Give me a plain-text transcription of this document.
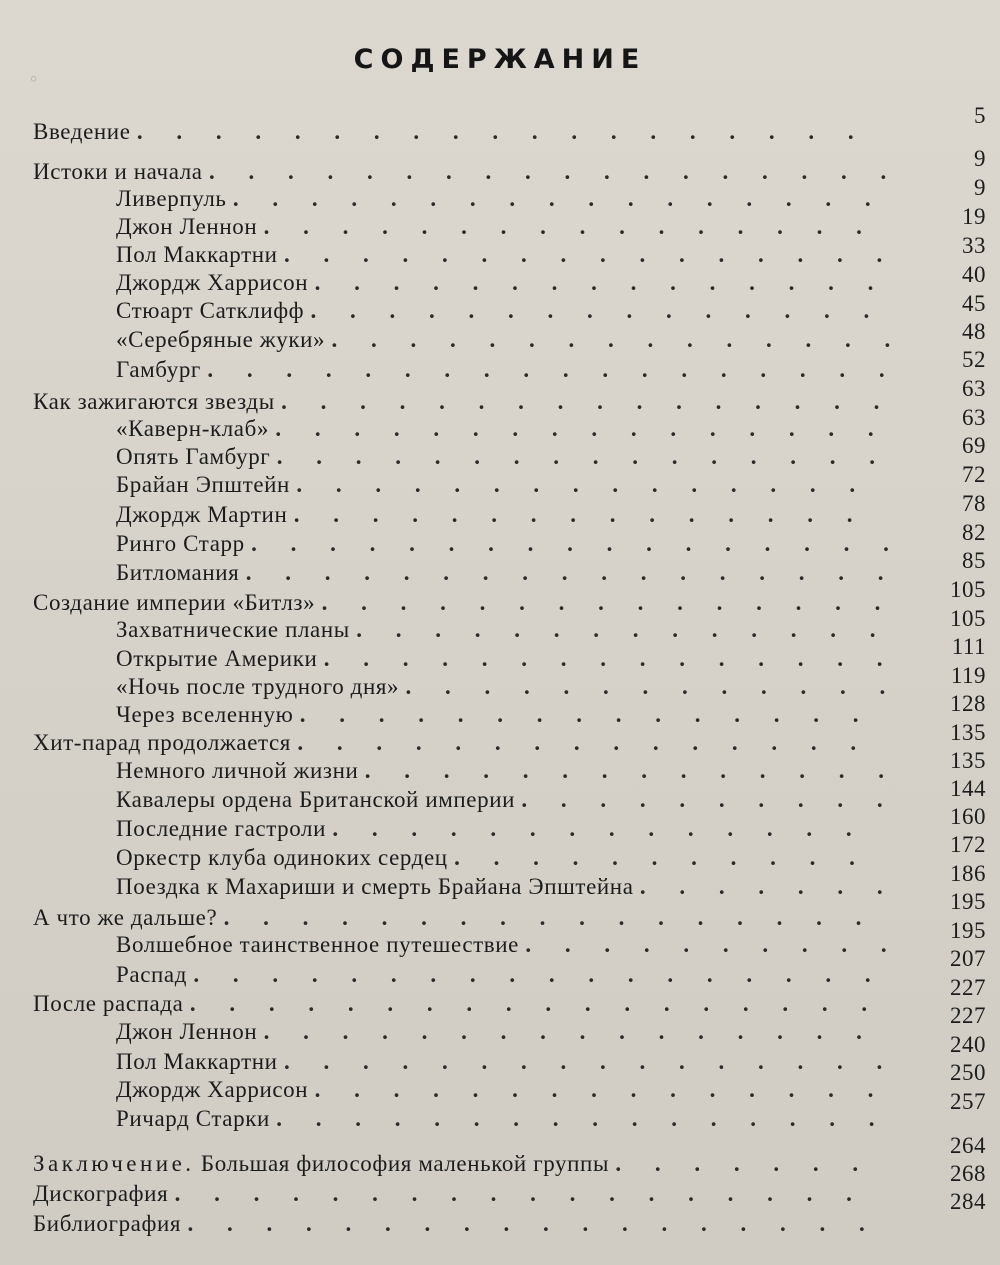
°
СОДЕРЖАНИЕ
Введение . . . . . . . . . . . . . . . . . . .
Истоки и начала . . . . . . . . . . . . . . . . . .
Ливерпуль . . . . . . . . . . . . . . . . .
Джон Леннон . . . . . . . . . . . . . . . .
Пол Маккартни . . . . . . . . . . . . . . . .
Джордж Харрисон . . . . . . . . . . . . . . .
Стюарт Сатклифф . . . . . . . . . . . . . . .
«Серебряные жуки» . . . . . . . . . . . . . . .
Гамбург . . . . . . . . . . . . . . . . . .
Как зажигаются звезды . . . . . . . . . . . . . . . .
«Каверн-клаб» . . . . . . . . . . . . . . . .
Опять Гамбург . . . . . . . . . . . . . . . .
Брайан Эпштейн . . . . . . . . . . . . . . .
Джордж Мартин . . . . . . . . . . . . . . .
Ринго Старр . . . . . . . . . . . . . . . . .
Битломания . . . . . . . . . . . . . . . . .
Создание империи «Битлз» . . . . . . . . . . . . . . .
Захватнические планы . . . . . . . . . . . . . .
Открытие Америки . . . . . . . . . . . . . . .
«Ночь после трудного дня» . . . . . . . . . . . . .
Через вселенную . . . . . . . . . . . . . . .
Хит-парад продолжается . . . . . . . . . . . . . . .
Немного личной жизни . . . . . . . . . . . . . .
Кавалеры ордена Британской империи . . . . . . . . . .
Последние гастроли . . . . . . . . . . . . . .
Оркестр клуба одиноких сердец . . . . . . . . . . .
Поездка к Махариши и смерть Брайана Эпштейна . . . . . . .
А что же дальше? . . . . . . . . . . . . . . . . .
Волшебное таинственное путешествие . . . . . . . . . .
Распад . . . . . . . . . . . . . . . . . .
После распада . . . . . . . . . . . . . . . . . .
Джон Леннон . . . . . . . . . . . . . . . .
Пол Маккартни . . . . . . . . . . . . . . . .
Джордж Харрисон . . . . . . . . . . . . . . .
Ричард Старки . . . . . . . . . . . . . . . .
Заключение. Большая философия маленькой группы . . . . . . .
Дискография . . . . . . . . . . . . . . . . . .
Библиография . . . . . . . . . . . . . . . . . .
5
9
9
19
33
40
45
48
52
63
63
69
72
78
82
85
105
105
111
119
128
135
135
144
160
172
186
195
195
207
227
227
240
250
257
264
268
284
